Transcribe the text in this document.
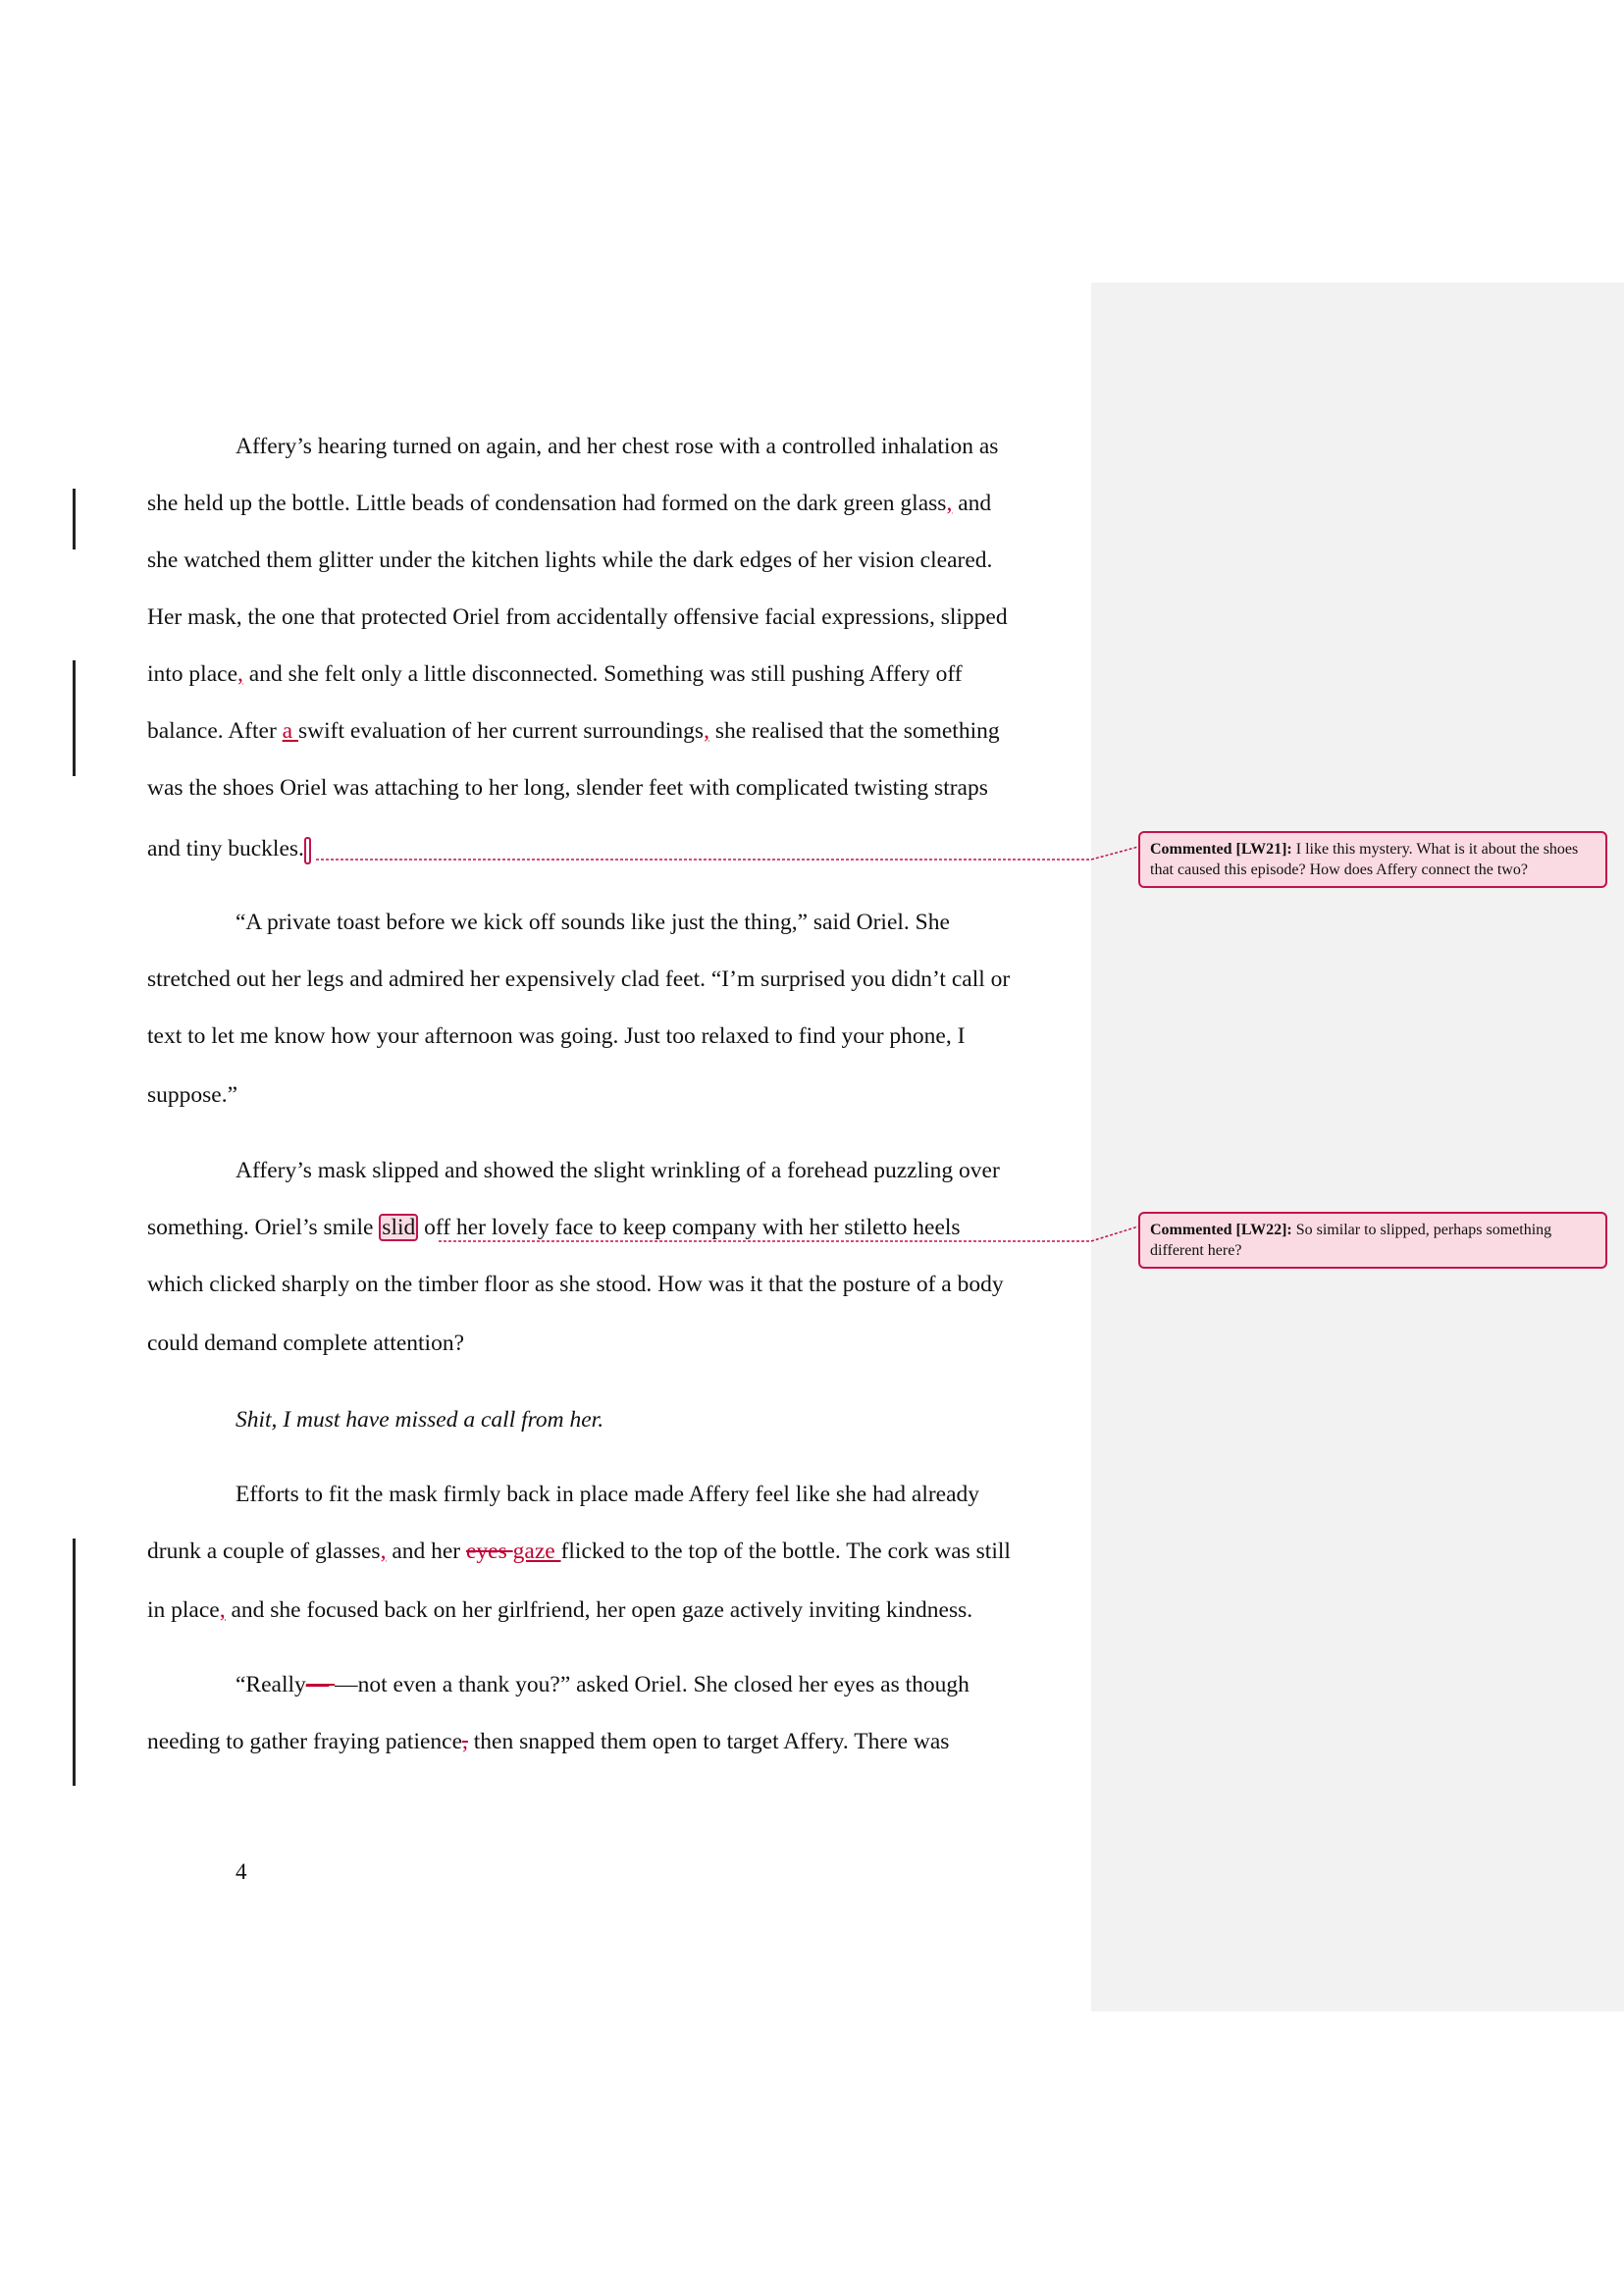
Affery’s hearing turned on again, and her chest rose with a controlled inhalation as
she held up the bottle. Little beads of condensation had formed on the dark green glass, and
she watched them glitter under the kitchen lights while the dark edges of her vision cleared.
Her mask, the one that protected Oriel from accidentally offensive facial expressions, slipped
into place, and she felt only a little disconnected. Something was still pushing Affery off
balance. After a swift evaluation of her current surroundings, she realised that the something
was the shoes Oriel was attaching to her long, slender feet with complicated twisting straps
and tiny buckles.
“A private toast before we kick off sounds like just the thing,” said Oriel. She
stretched out her legs and admired her expensively clad feet. “I’m surprised you didn’t call or
text to let me know how your afternoon was going. Just too relaxed to find your phone, I
suppose.”
Affery’s mask slipped and showed the slight wrinkling of a forehead puzzling over
something. Oriel’s smile slid off her lovely face to keep company with her stiletto heels
which clicked sharply on the timber floor as she stood. How was it that the posture of a body
could demand complete attention?
Shit, I must have missed a call from her.
Efforts to fit the mask firmly back in place made Affery feel like she had already
drunk a couple of glasses, and her eyes gaze flicked to the top of the bottle. The cork was still
in place, and she focused back on her girlfriend, her open gaze actively inviting kindness.
“Really— —not even a thank you?” asked Oriel. She closed her eyes as though
needing to gather fraying patience, then snapped them open to target Affery. There was
Commented [LW21]: I like this mystery. What is it about the shoes that caused this episode? How does Affery connect the two?
Commented [LW22]: So similar to slipped, perhaps something different here?
4
